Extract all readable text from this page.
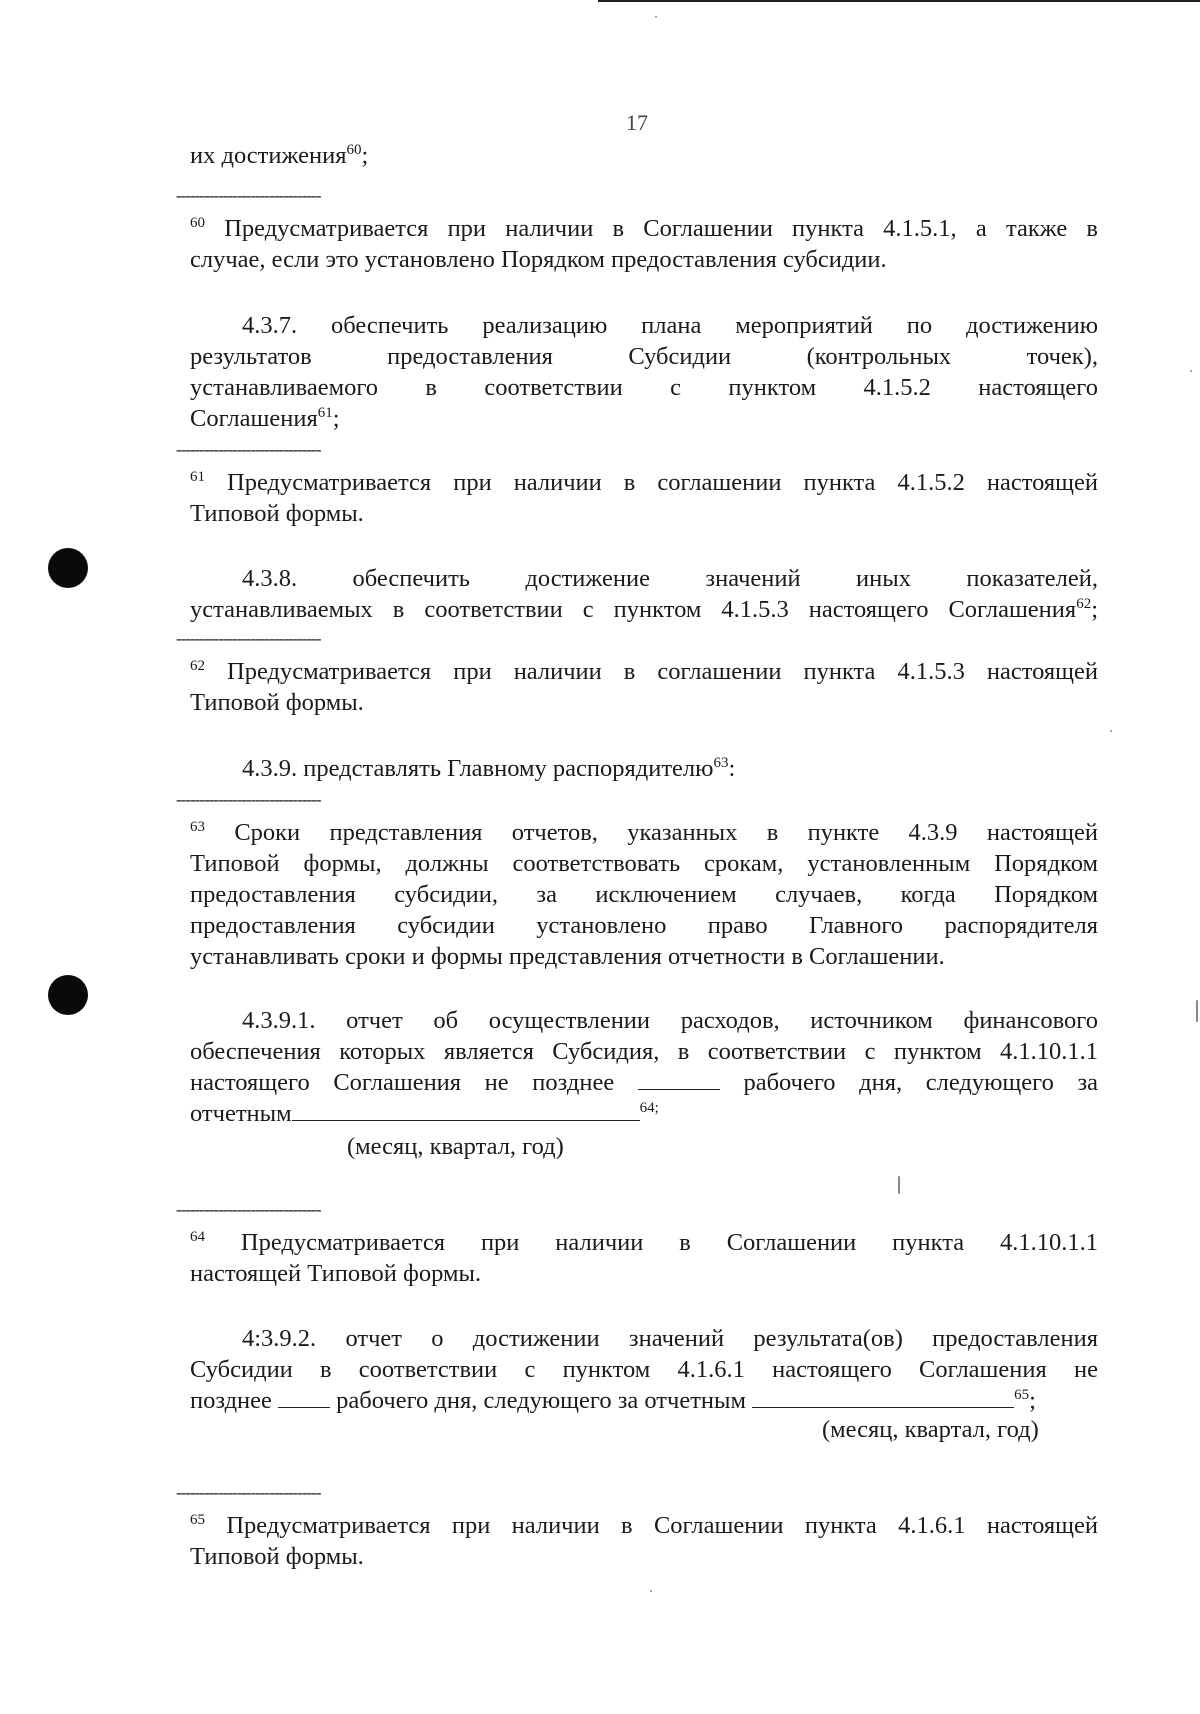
17
их достижения$^{60}$;
-------------------------------
$^{60}$ Предусматривается при наличии в Соглашении пункта 4.1.5.1, а также в
случае, если это установлено Порядком предоставления субсидии.
4.3.7. обеспечить реализацию плана мероприятий по достижению
результатов предоставления Субсидии (контрольных точек),
устанавливаемого в соответствии с пунктом 4.1.5.2 настоящего
Соглашения$^{61}$;
-------------------------------
$^{61}$ Предусматривается при наличии в соглашении пункта 4.1.5.2 настоящей
Типовой формы.
4.3.8. обеспечить достижение значений иных показателей,
устанавливаемых в соответствии с пунктом 4.1.5.3 настоящего Соглашения$^{62}$;
-------------------------------
$^{62}$ Предусматривается при наличии в соглашении пункта 4.1.5.3 настоящей
Типовой формы.
4.3.9. представлять Главному распорядителю$^{63}$:
-------------------------------
$^{63}$ Сроки представления отчетов, указанных в пункте 4.3.9 настоящей
Типовой формы, должны соответствовать срокам, установленным Порядком
предоставления субсидии, за исключением случаев, когда Порядком
предоставления субсидии установлено право Главного распорядителя
устанавливать сроки и формы представления отчетности в Соглашении.
4.3.9.1. отчет об осуществлении расходов, источником финансового
обеспечения которых является Субсидия, в соответствии с пунктом 4.1.10.1.1
настоящего Соглашения не позднее	рабочего дня, следующего за
отчетным	$^{64;}$
(месяц, квартал, год)
-------------------------------
$^{64}$ Предусматривается при наличии в Соглашении пункта 4.1.10.1.1
настоящей Типовой формы.
4:3.9.2. отчет о достижении значений результата(ов) предоставления
Субсидии в соответствии с пунктом 4.1.6.1 настоящего Соглашения не
позднее	рабочего дня, следующего за отчетным	$^{65}$;
(месяц, квартал, год)
-------------------------------
$^{65}$ Предусматривается при наличии в Соглашении пункта 4.1.6.1 настоящей
Типовой формы.
